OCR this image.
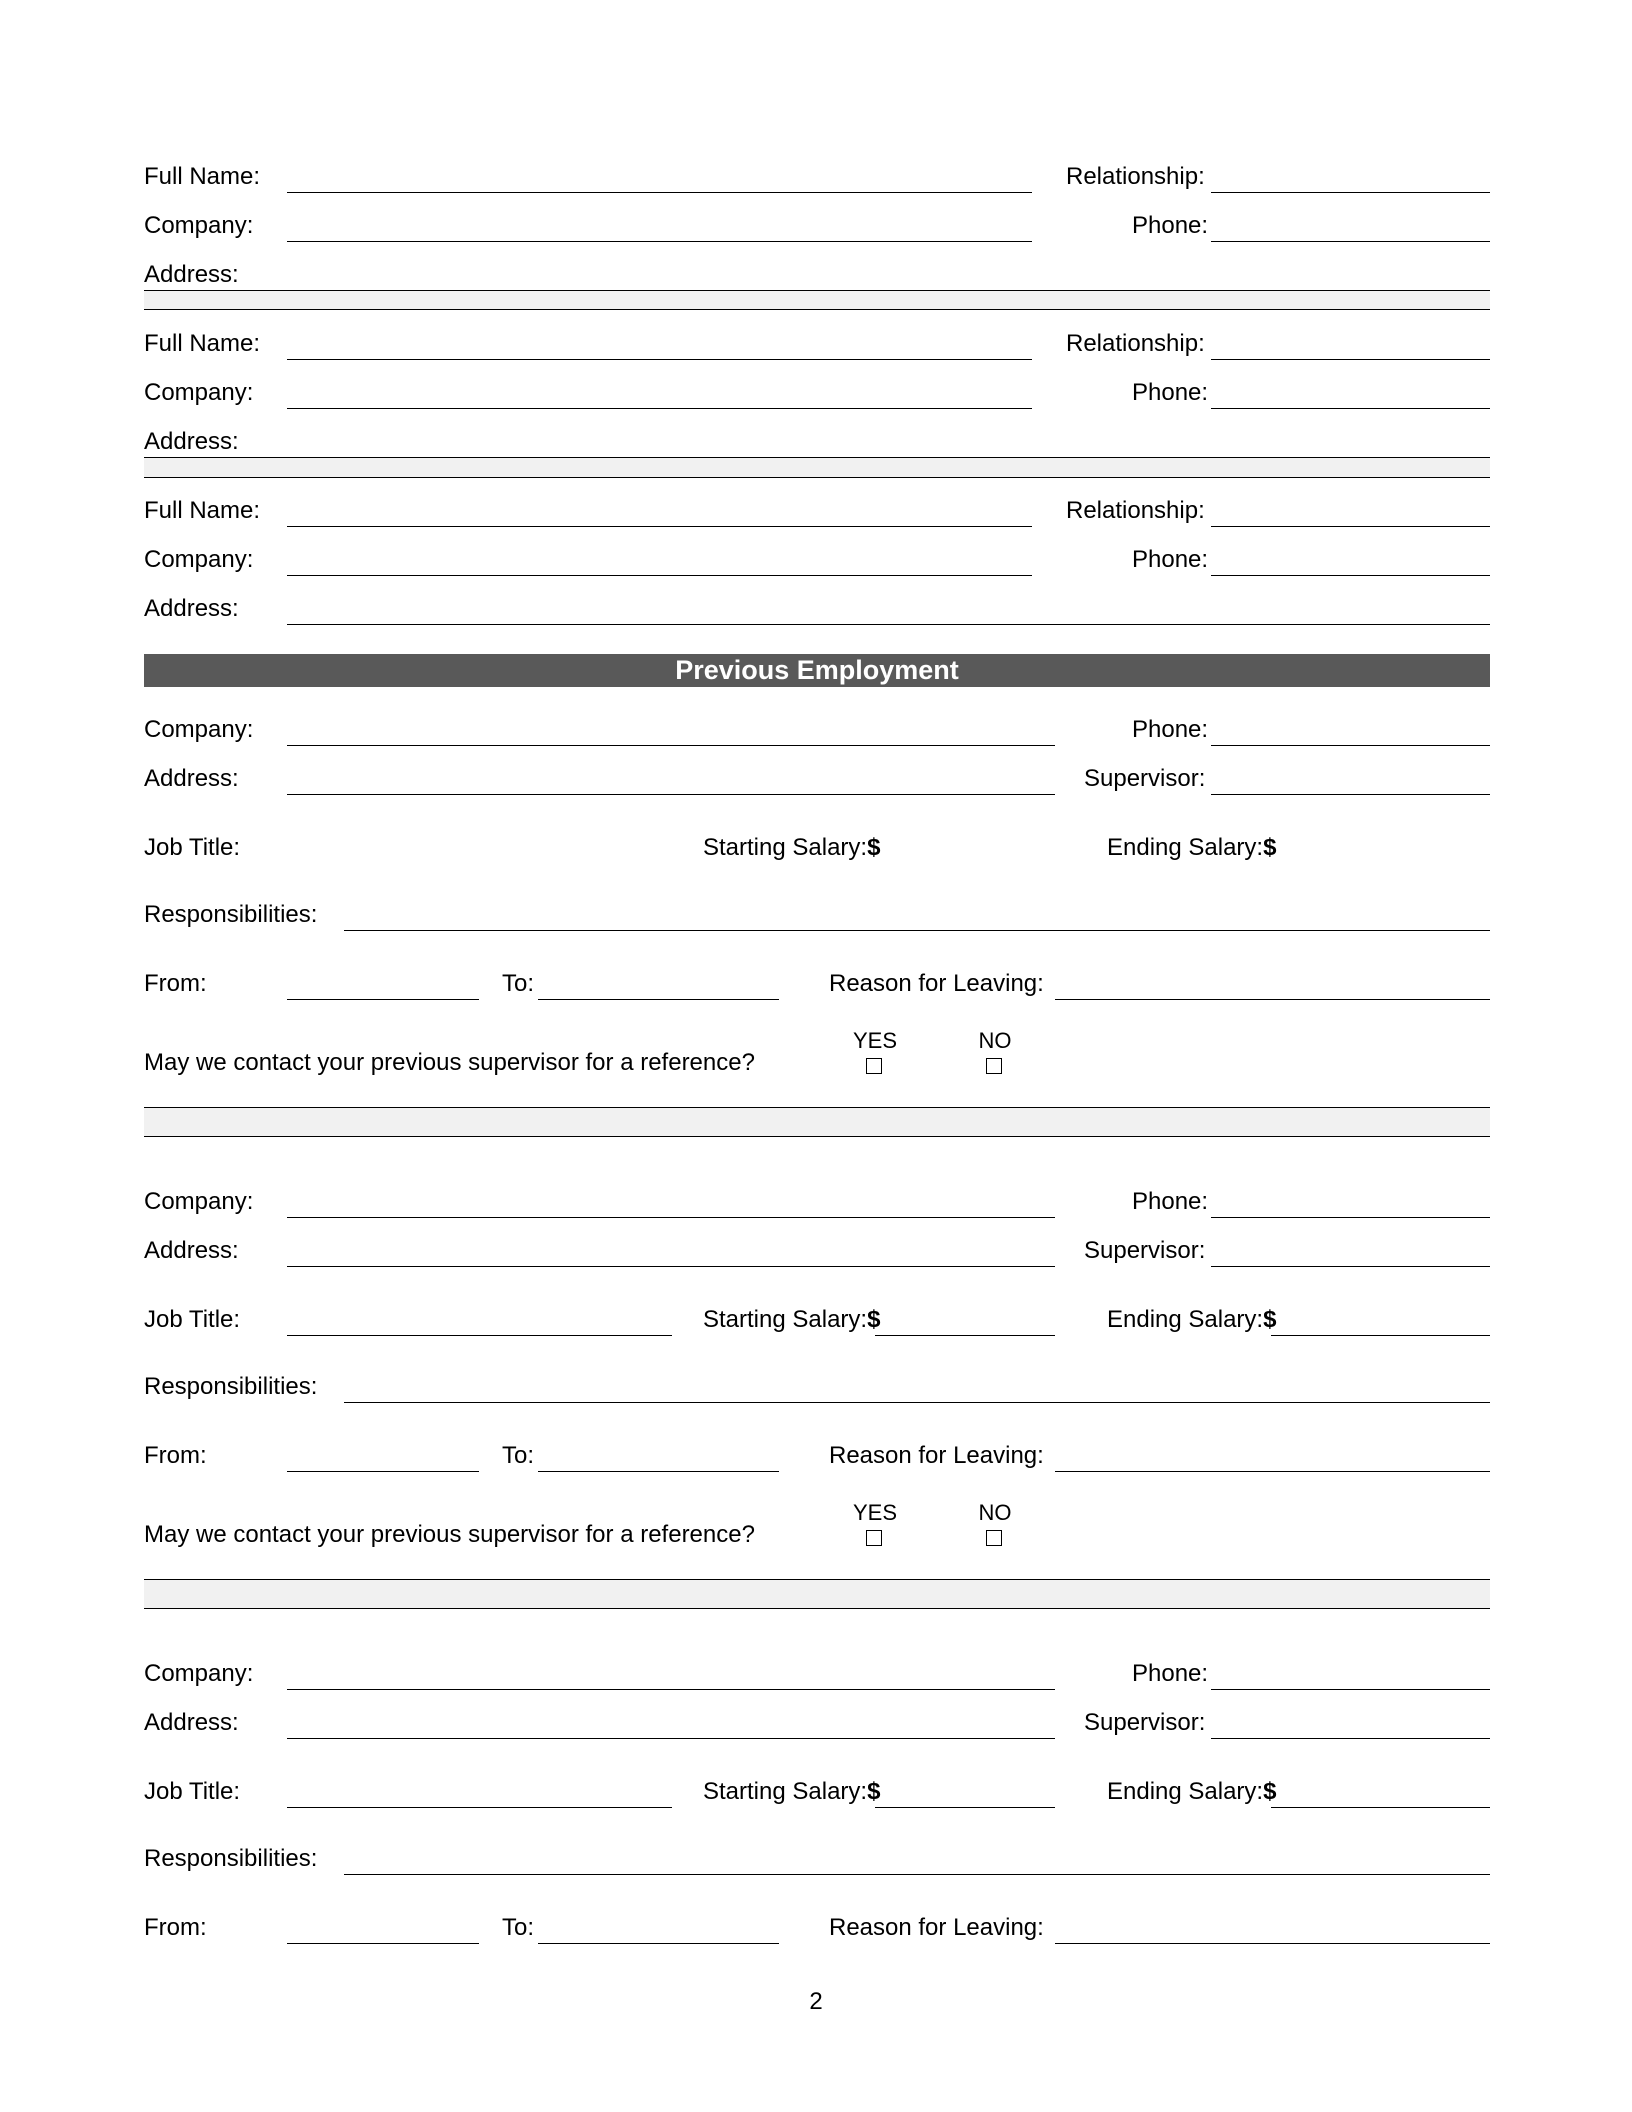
Full Name:	Relationship:
Company:	Phone:
Address:
Full Name:	Relationship:
Company:	Phone:
Address:
Full Name:	Relationship:
Company:	Phone:
Address:
Previous Employment
Company:	Phone:
Address:	Supervisor:
Job Title:	Starting Salary:$	Ending Salary:$
Responsibilities:
From:	To:	Reason for Leaving:
May we contact your previous supervisor for a reference?
YES	NO
Company:	Phone:
Address:	Supervisor:
Job Title:	Starting Salary:$	Ending Salary:$
Responsibilities:
From:	To:	Reason for Leaving:
May we contact your previous supervisor for a reference?
YES	NO
Company:	Phone:
Address:	Supervisor:
Job Title:	Starting Salary:$	Ending Salary:$
Responsibilities:
From:	To:	Reason for Leaving:
2
